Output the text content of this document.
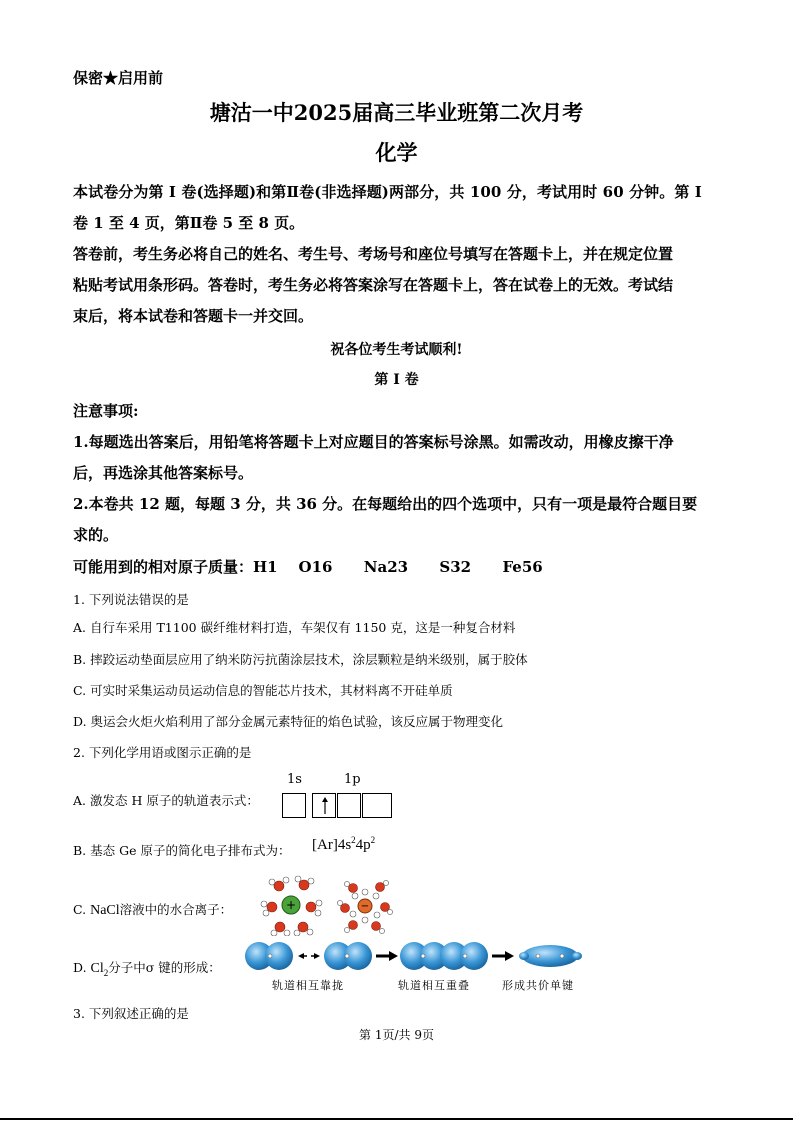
保密★启用前
塘沽一中2025届高三毕业班第二次月考
化学
本试卷分为第 I 卷(选择题)和第Ⅱ卷(非选择题)两部分，共 100 分，考试用时 60 分钟。第 I
卷 1 至 4 页，第Ⅱ卷 5 至 8 页。
答卷前，考生务必将自己的姓名、考生号、考场号和座位号填写在答题卡上，并在规定位置
粘贴考试用条形码。答卷时，考生务必将答案涂写在答题卡上，答在试卷上的无效。考试结
束后，将本试卷和答题卡一并交回。
祝各位考生考试顺利!
第 I 卷
注意事项:
1.每题选出答案后，用铅笔将答题卡上对应题目的答案标号涂黑。如需改动，用橡皮擦干净
后，再选涂其他答案标号。
2.本卷共 12 题，每题 3 分，共 36 分。在每题给出的四个选项中，只有一项是最符合题目要
求的。
可能用到的相对原子质量：H1    O16      Na23      S32      Fe56
1. 下列说法错误的是
A. 自行车采用 T1100 碳纤维材料打造，车架仅有 1150 克，这是一种复合材料
B. 摔跤运动垫面层应用了纳米防污抗菌涂层技术，涂层颗粒是纳米级别，属于胶体
C. 可实时采集运动员运动信息的智能芯片技术，其材料离不开硅单质
D. 奥运会火炬火焰利用了部分金属元素特征的焰色试验，该反应属于物理变化
2. 下列化学用语或图示正确的是
A. 激发态 H 原子的轨道表示式：
1s	1p
B. 基态 Ge 原子的简化电子排布式为： $[Ar]4s^24p^2$
C. NaCl溶液中的水合离子：	+	−
D. $Cl_2$分子中σ 键的形成：
轨道相互靠拢	轨道相互重叠	形成共价单键
3. 下列叙述正确的是
第 1页/共 9页
